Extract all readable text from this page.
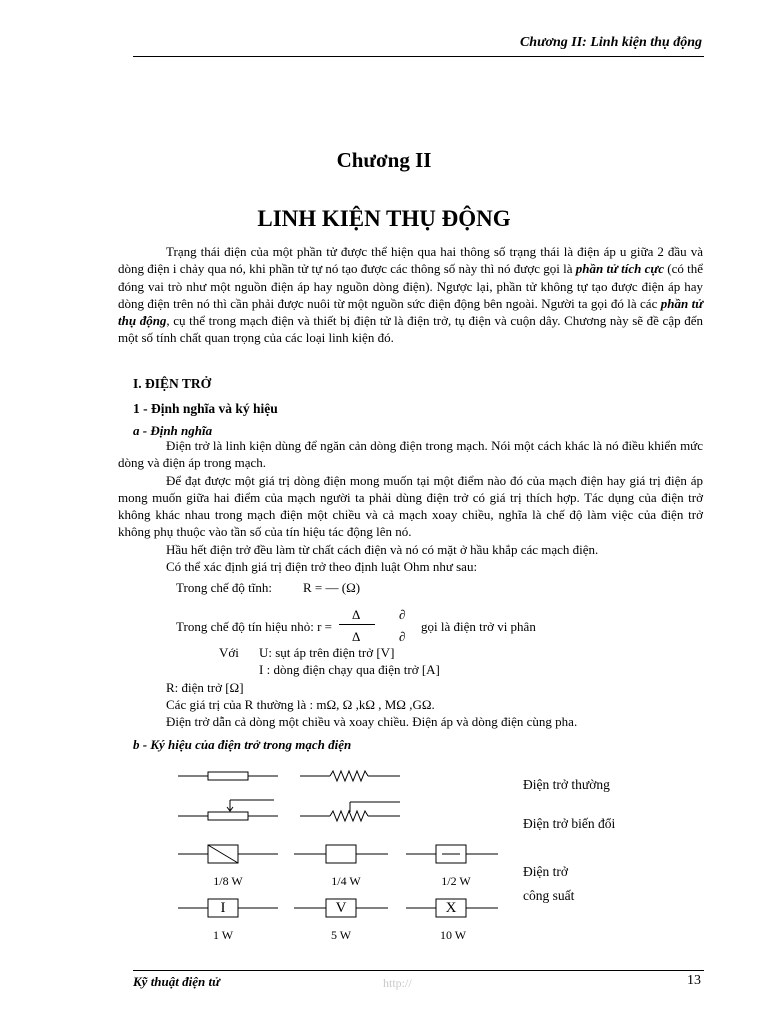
Chương II: Linh kiện thụ động
Chương II
LINH KIỆN THỤ ĐỘNG

Trạng thái điện của một phần tử được thể hiện qua hai thông số trạng thái là điện áp u giữa 2 đầu và dòng điện i chảy qua nó, khi phần tử tự nó tạo được các thông số này thì nó được gọi là phần tử tích cực (có thể đóng vai trò như một nguồn điện áp hay nguồn dòng điện). Ngược lại, phần tử không tự tạo được điện áp hay dòng điện trên nó thì cần phải được nuôi từ một nguồn sức điện động bên ngoài. Người ta gọi đó là các phần tử thụ động, cụ thể trong mạch điện và thiết bị điện tử là điện trở, tụ điện và cuộn dây. Chương này sẽ đề cập đến một số tính chất quan trọng của các loại linh kiện đó.

I. ĐIỆN TRỞ
1 - Định nghĩa và ký hiệu
a - Định nghĩa

Điện trở là linh kiện dùng để ngăn cản dòng điện trong mạch. Nói một cách khác là nó điều khiển mức dòng và điện áp trong mạch.

Để đạt được một giá trị dòng điện mong muốn tại một điểm nào đó của mạch điện hay giá trị điện áp mong muốn giữa hai điểm của mạch người ta phải dùng điện trở có giá trị thích hợp. Tác dụng của điện trở không khác nhau trong mạch điện một chiều và cả mạch xoay chiều, nghĩa là chế độ làm việc của điện trở không phụ thuộc vào tần số của tín hiệu tác động lên nó.

Hầu hết điện trở đều làm từ chất cách điện và nó có mặt ở hầu khắp các mạch điện.

Có thể xác định giá trị điện trở theo định luật Ohm như sau:

Trong chế độ tĩnh: R = — (Ω)
Trong chế độ tín hiệu nhỏ: r =
Δ
Δ
∂
∂
gọi là điện trở vi phân
Với U: sụt áp trên điện trở [V]
I : dòng điện chạy qua điện trở [A]
R: điện trở [Ω]
Các giá trị của R thường là : mΩ, Ω ,kΩ , MΩ ,GΩ.
Điện trở dẫn cả dòng một chiều và xoay chiều. Điện áp và dòng điện cùng pha.
b - Ký hiệu của điện trở trong mạch điện
I	V	X
1/8 W	1/4 W	1/2 W
1 W	5 W	10 W
Điện trở thường
Điện trở biến đổi
Điện trở
công suất
Kỹ thuật điện tử	http://	13
